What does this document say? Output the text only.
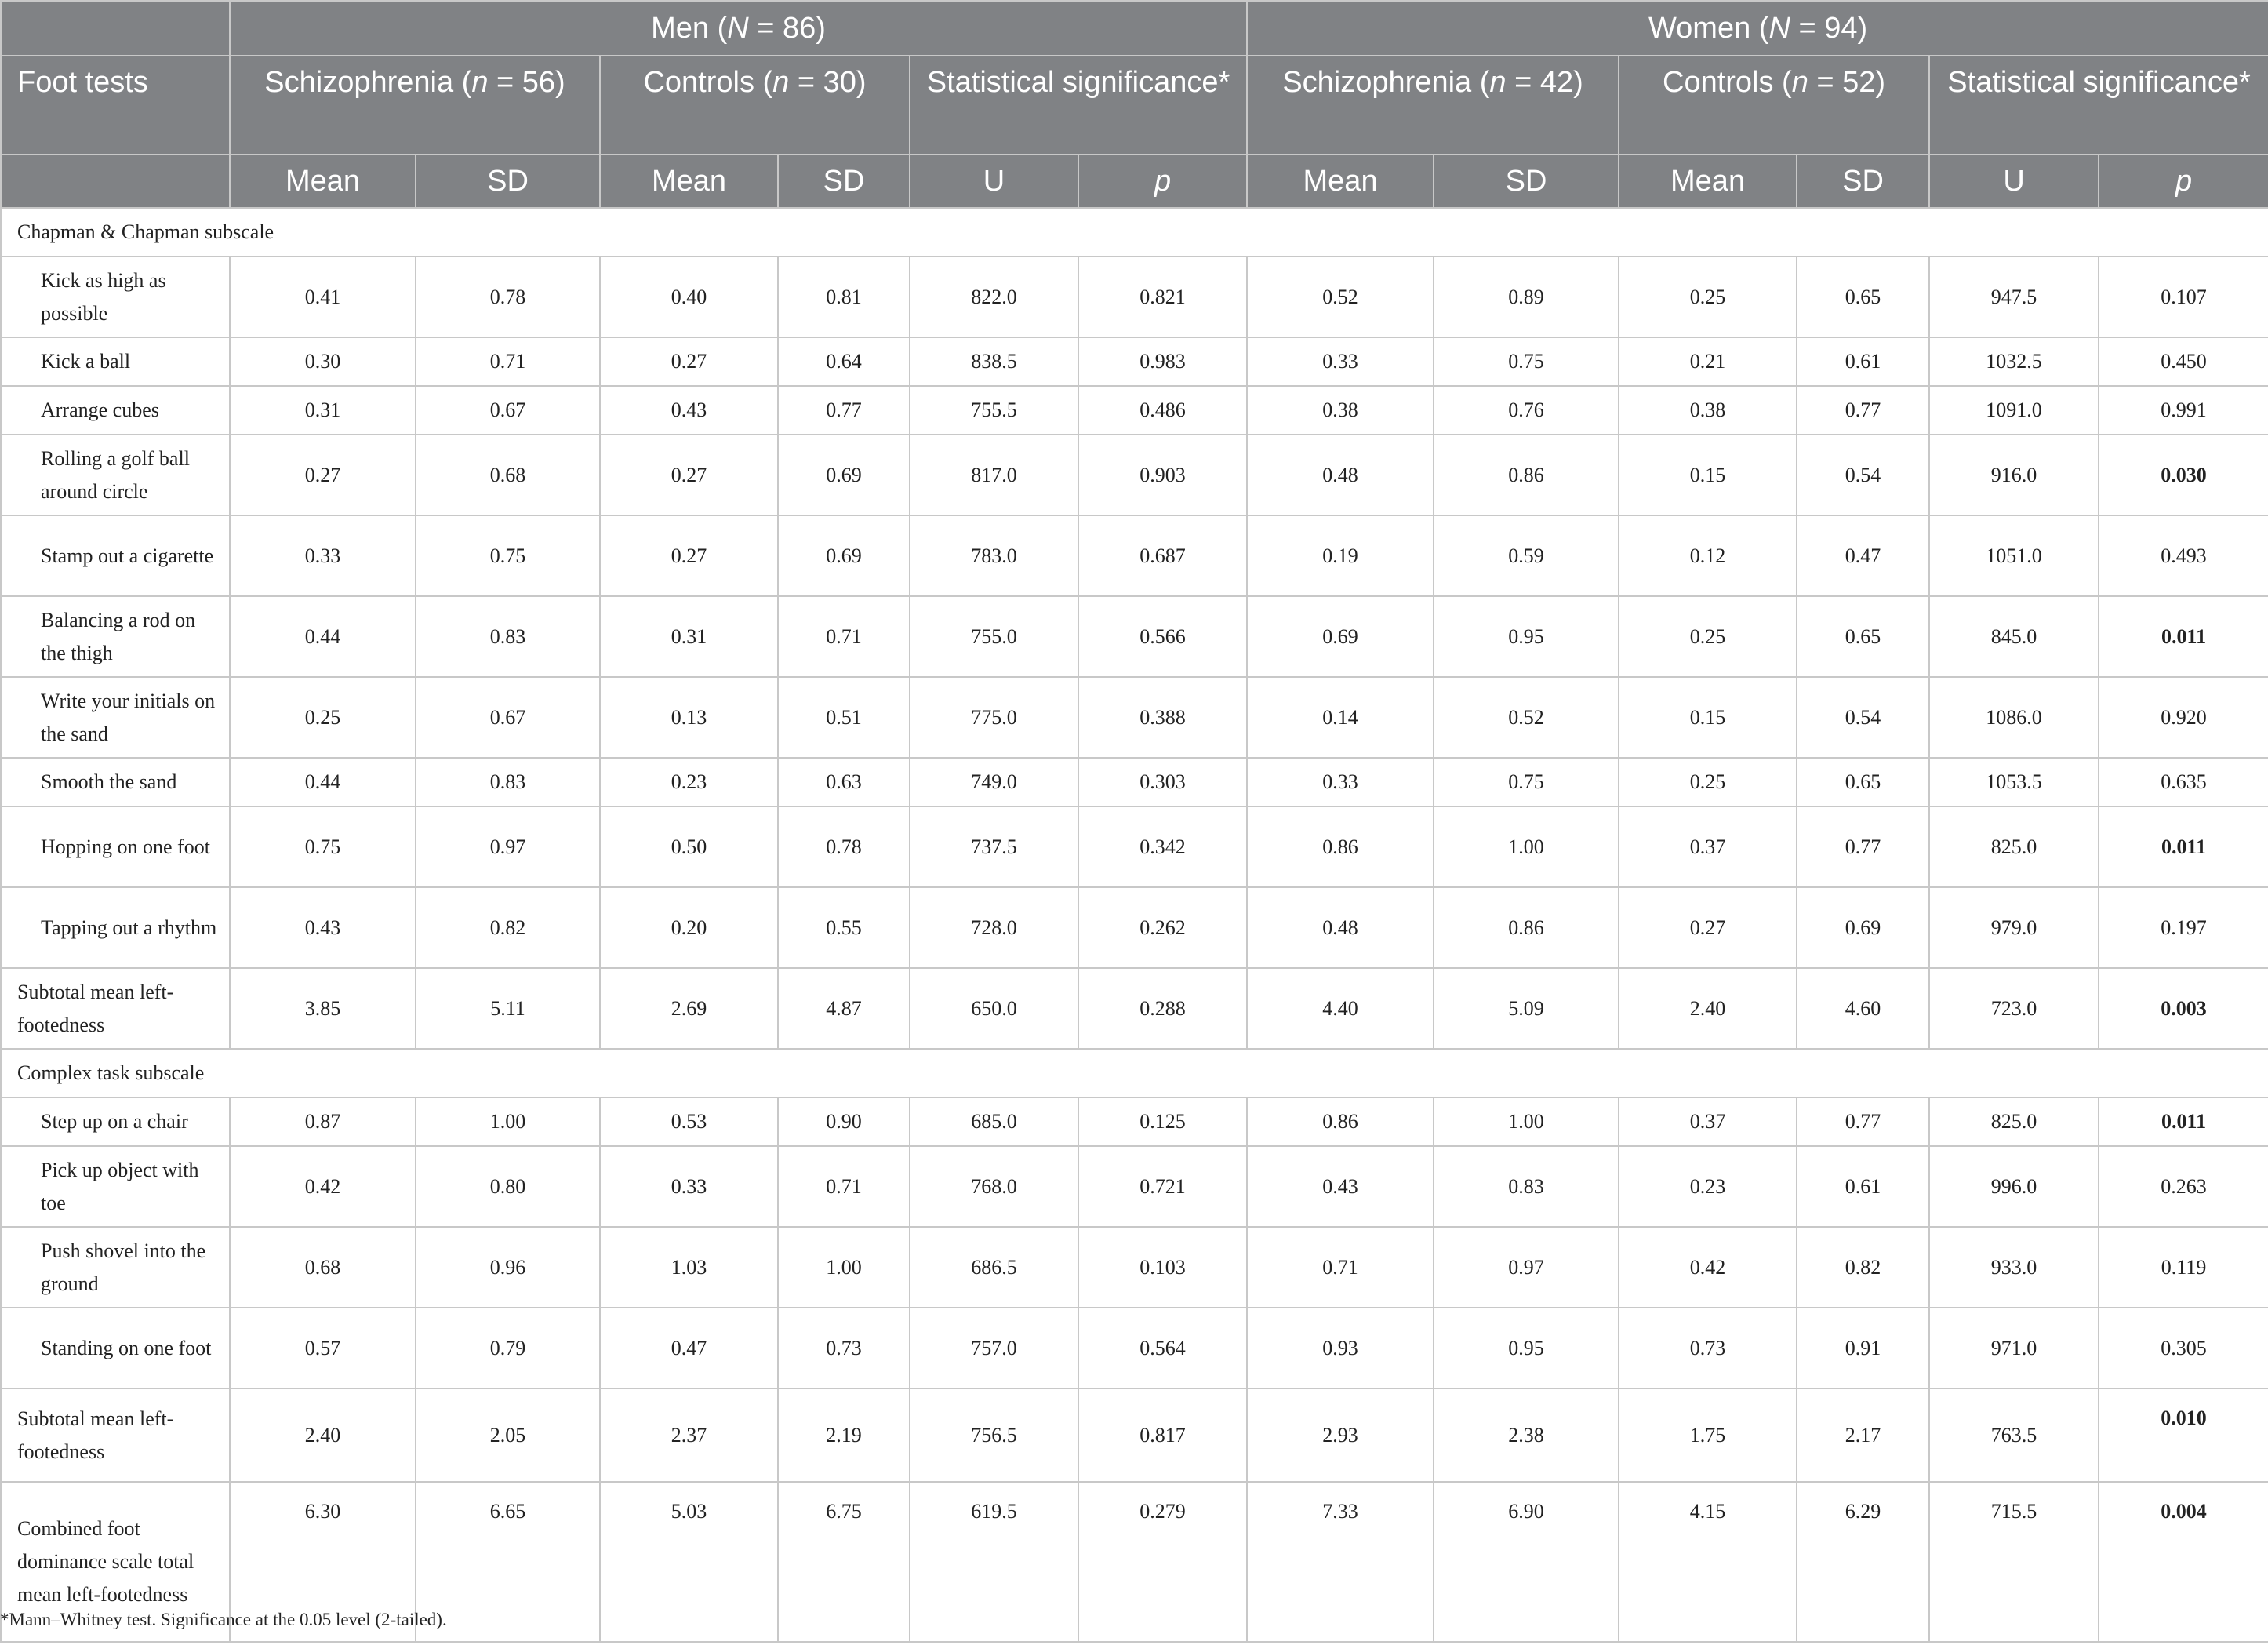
	Men (N = 86)						Women (N = 94)					
Foot tests	Schizophrenia (n = 56)		Controls (n = 30)		Statistical significance*		Schizophrenia (n = 42)		Controls (n = 52)		Statistical significance*	
	Mean	SD	Mean	SD	U	p	Mean	SD	Mean	SD	U	p
Chapman & Chapman subscale												
Kick as high as possible	0.41	0.78	0.40	0.81	822.0	0.821	0.52	0.89	0.25	0.65	947.5	0.107
Kick a ball	0.30	0.71	0.27	0.64	838.5	0.983	0.33	0.75	0.21	0.61	1032.5	0.450
Arrange cubes	0.31	0.67	0.43	0.77	755.5	0.486	0.38	0.76	0.38	0.77	1091.0	0.991
Rolling a golf ball around circle	0.27	0.68	0.27	0.69	817.0	0.903	0.48	0.86	0.15	0.54	916.0	0.030
Stamp out a cigarette	0.33	0.75	0.27	0.69	783.0	0.687	0.19	0.59	0.12	0.47	1051.0	0.493
Balancing a rod on the thigh	0.44	0.83	0.31	0.71	755.0	0.566	0.69	0.95	0.25	0.65	845.0	0.011
Write your initials on the sand	0.25	0.67	0.13	0.51	775.0	0.388	0.14	0.52	0.15	0.54	1086.0	0.920
Smooth the sand	0.44	0.83	0.23	0.63	749.0	0.303	0.33	0.75	0.25	0.65	1053.5	0.635
Hopping on one foot	0.75	0.97	0.50	0.78	737.5	0.342	0.86	1.00	0.37	0.77	825.0	0.011
Tapping out a rhythm	0.43	0.82	0.20	0.55	728.0	0.262	0.48	0.86	0.27	0.69	979.0	0.197
Subtotal mean left-footedness	3.85	5.11	2.69	4.87	650.0	0.288	4.40	5.09	2.40	4.60	723.0	0.003
Complex task subscale												
Step up on a chair	0.87	1.00	0.53	0.90	685.0	0.125	0.86	1.00	0.37	0.77	825.0	0.011
Pick up object with toe	0.42	0.80	0.33	0.71	768.0	0.721	0.43	0.83	0.23	0.61	996.0	0.263
Push shovel into the ground	0.68	0.96	1.03	1.00	686.5	0.103	0.71	0.97	0.42	0.82	933.0	0.119
Standing on one foot	0.57	0.79	0.47	0.73	757.0	0.564	0.93	0.95	0.73	0.91	971.0	0.305
Subtotal mean left-footedness	2.40	2.05	2.37	2.19	756.5	0.817	2.93	2.38	1.75	2.17	763.5	0.010
Combined foot dominance scale total mean left-footedness	6.30	6.65	5.03	6.75	619.5	0.279	7.33	6.90	4.15	6.29	715.5	0.004
*Mann–Whitney test. Significance at the 0.05 level (2-tailed).
